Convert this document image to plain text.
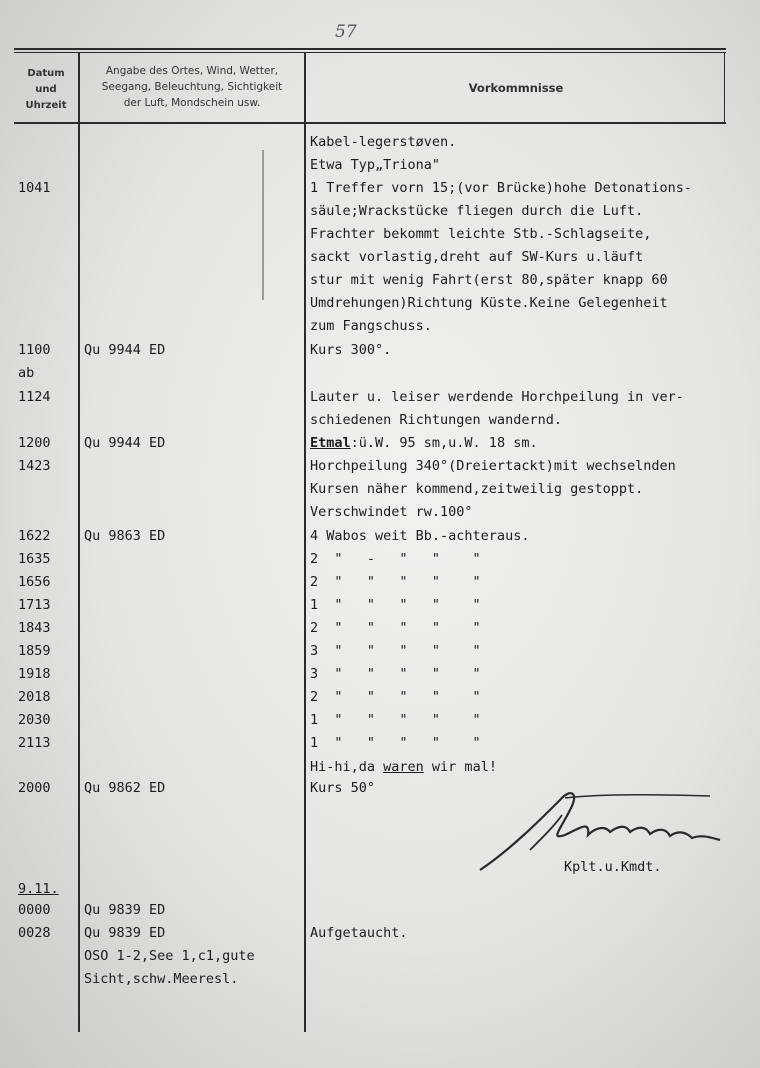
57
Datum
und
Uhrzeit
Angabe des Ortes, Wind, Wetter,
Seegang, Beleuchtung, Sichtigkeit
der Luft, Mondschein usw.
Vorkommnisse
Kabel-legerstøven.
Etwa Typ„Triona"
1041	1 Treffer vorn 15;(vor Brücke)hohe Detonations-
säule;Wrackstücke fliegen durch die Luft.
Frachter bekommt leichte Stb.-Schlagseite,
sackt vorlastig,dreht auf SW-Kurs u.läuft
stur mit wenig Fahrt(erst 80,später knapp 60
Umdrehungen)Richtung Küste.Keine Gelegenheit
zum Fangschuss.
1100	Qu 9944 ED	Kurs 300°.
ab
1124	Lauter u. leiser werdende Horchpeilung in ver-
schiedenen Richtungen wandernd.
1200	Qu 9944 ED	Etmal:ü.W. 95 sm,u.W. 18 sm.
1423	Horchpeilung 340°(Dreiertackt)mit wechselnden
Kursen näher kommend,zeitweilig gestoppt.
Verschwindet rw.100°
1622	Qu 9863 ED	4 Wabos weit Bb.-achteraus.
1635	2  "   -   "   "    "
1656	2  "   "   "   "    "
1713	1  "   "   "   "    "
1843	2  "   "   "   "    "
1859	3  "   "   "   "    "
1918	3  "   "   "   "    "
2018	2  "   "   "   "    "
2030	1  "   "   "   "    "
2113	1  "   "   "   "    "
Hi-hi,da waren wir mal!
2000	Qu 9862 ED	Kurs 50°
Kplt.u.Kmdt.
9.11.
0000	Qu 9839 ED
0028	Qu 9839 ED	Aufgetaucht.
OSO 1-2,See 1,c1,gute
Sicht,schw.Meeresl.
